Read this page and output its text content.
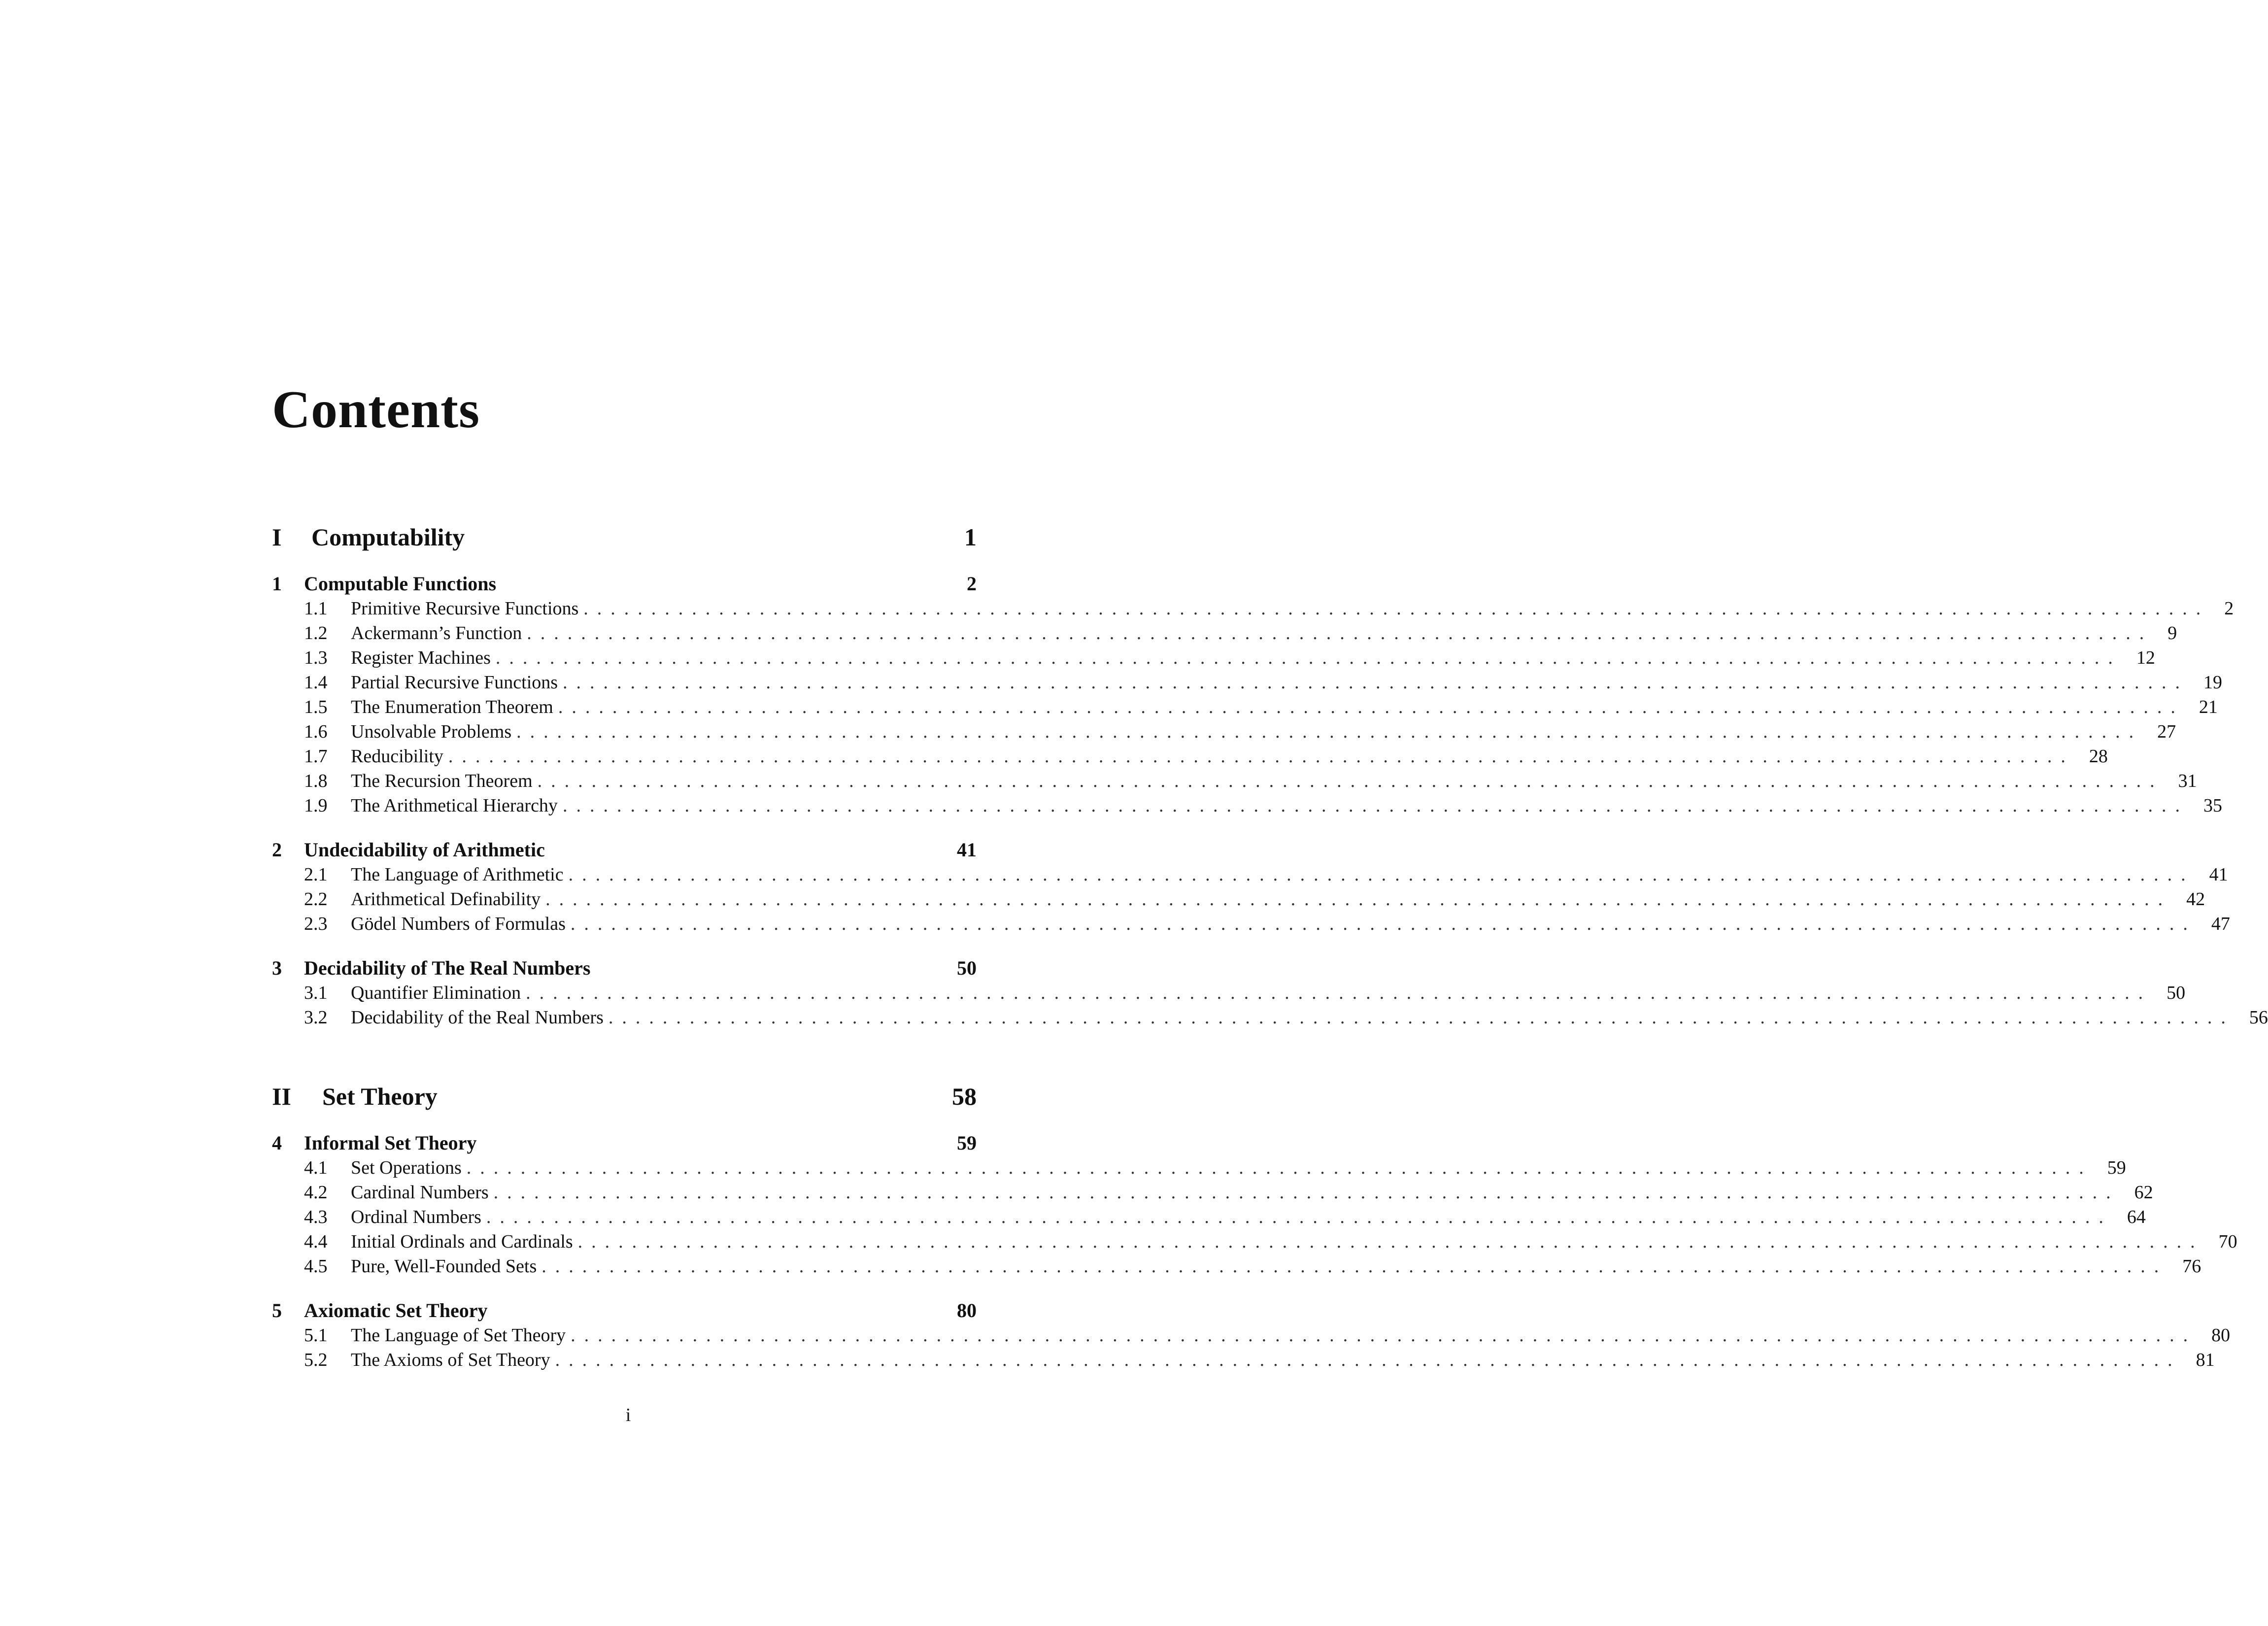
Contents
I Computability	1
1 Computable Functions	2
1.1 Primitive Recursive Functions ........................................................................................................................ 2
1.2 Ackermann’s Function ........................................................................................................................ 9
1.3 Register Machines ........................................................................................................................ 12
1.4 Partial Recursive Functions ........................................................................................................................ 19
1.5 The Enumeration Theorem ........................................................................................................................ 21
1.6 Unsolvable Problems ........................................................................................................................ 27
1.7 Reducibility ........................................................................................................................ 28
1.8 The Recursion Theorem ........................................................................................................................ 31
1.9 The Arithmetical Hierarchy ........................................................................................................................ 35
2 Undecidability of Arithmetic	41
2.1 The Language of Arithmetic ........................................................................................................................ 41
2.2 Arithmetical Definability ........................................................................................................................ 42
2.3 Gödel Numbers of Formulas ........................................................................................................................ 47
3 Decidability of The Real Numbers	50
3.1 Quantifier Elimination ........................................................................................................................ 50
3.2 Decidability of the Real Numbers ........................................................................................................................ 56
II Set Theory	58
4 Informal Set Theory	59
4.1 Set Operations ........................................................................................................................ 59
4.2 Cardinal Numbers ........................................................................................................................ 62
4.3 Ordinal Numbers ........................................................................................................................ 64
4.4 Initial Ordinals and Cardinals ........................................................................................................................ 70
4.5 Pure, Well-Founded Sets ........................................................................................................................ 76
5 Axiomatic Set Theory	80
5.1 The Language of Set Theory ........................................................................................................................ 80
5.2 The Axioms of Set Theory ........................................................................................................................ 81
i
